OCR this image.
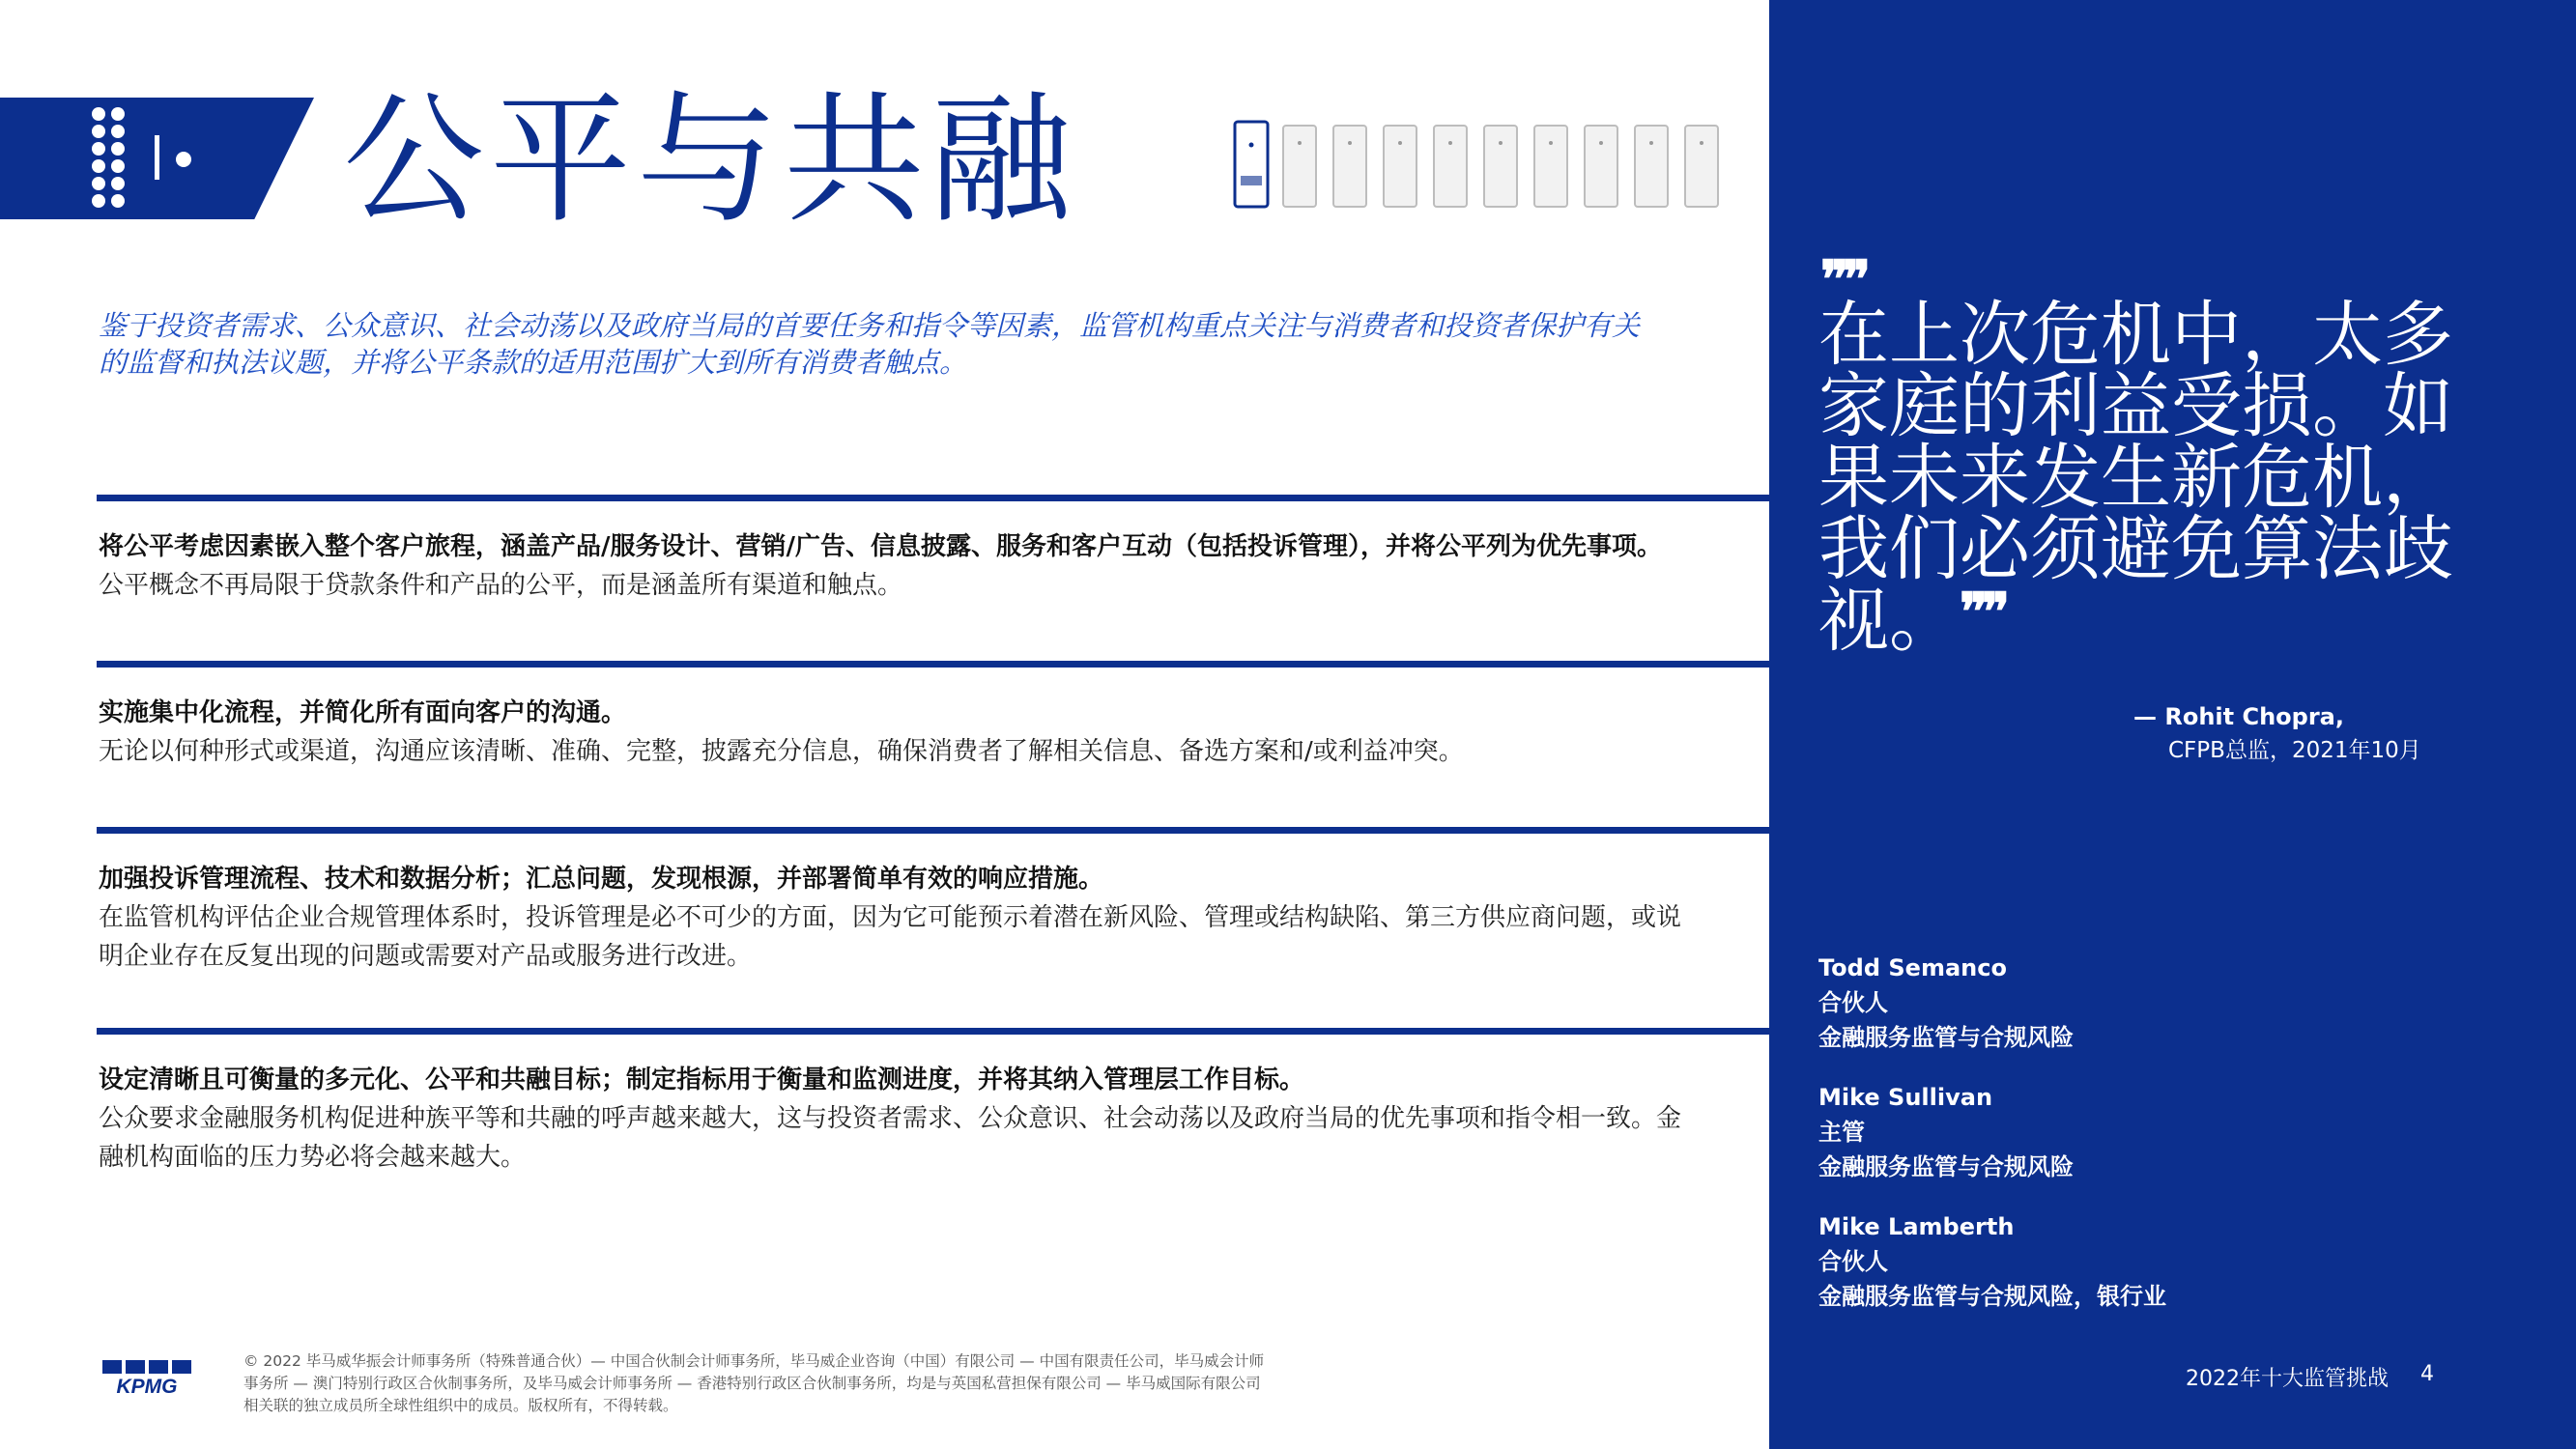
公平与共融
鉴于投资者需求、公众意识、社会动荡以及政府当局的首要任务和指令等因素，监管机构重点关注与消费者和投资者保护有关的监督和执法议题，并将公平条款的适用范围扩大到所有消费者触点。
将公平考虑因素嵌入整个客户旅程，涵盖产品/服务设计、营销/广告、信息披露、服务和客户互动（包括投诉管理），并将公平列为优先事项。
公平概念不再局限于贷款条件和产品的公平，而是涵盖所有渠道和触点。
实施集中化流程，并简化所有面向客户的沟通。
无论以何种形式或渠道，沟通应该清晰、准确、完整，披露充分信息，确保消费者了解相关信息、备选方案和/或利益冲突。
加强投诉管理流程、技术和数据分析；汇总问题，发现根源，并部署简单有效的响应措施。
在监管机构评估企业合规管理体系时，投诉管理是必不可少的方面，因为它可能预示着潜在新风险、管理或结构缺陷、第三方供应商问题，或说明企业存在反复出现的问题或需要对产品或服务进行改进。
设定清晰且可衡量的多元化、公平和共融目标；制定指标用于衡量和监测进度，并将其纳入管理层工作目标。
公众要求金融服务机构促进种族平等和共融的呼声越来越大，这与投资者需求、公众意识、社会动荡以及政府当局的优先事项和指令相一致。金融机构面临的压力势必将会越来越大。
❞❞
在上次危机中，太多家庭的利益受损。如果未来发生新危机，我们必须避免算法歧视。❞❞
— Rohit Chopra,
CFPB总监，2021年10月
Todd Semanco
合伙人
金融服务监管与合规风险
Mike Sullivan
主管
金融服务监管与合规风险
Mike Lamberth
合伙人
金融服务监管与合规风险，银行业
KPMG
© 2022 毕马威华振会计师事务所（特殊普通合伙）— 中国合伙制会计师事务所，毕马威企业咨询（中国）有限公司 — 中国有限责任公司，毕马威会计师事务所 — 澳门特别行政区合伙制事务所，及毕马威会计师事务所 — 香港特别行政区合伙制事务所，均是与英国私营担保有限公司 — 毕马威国际有限公司相关联的独立成员所全球性组织中的成员。版权所有，不得转载。
2022年十大监管挑战 4
